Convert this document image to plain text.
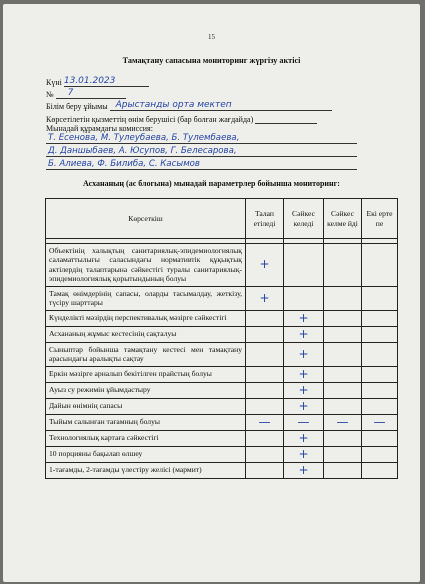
15
Тамақтану сапасына мониторинг жүргізу актісі
Күні 13.01.2023
№ 7
Білім беру ұйымы Арыстанды орта мектеп
Көрсетілетін қызметтің өнім берушісі (бар болған жағдайда)
Мынадай құрамдағы комиссия:
Т. Есенова, М. Тулеубаева, Б. Тулембаева,
Д. Даншыбаев, А. Юсупов, Г. Белесарова,
Б. Алиева, Ф. Билиба, С. Касымов
Асхананың (ас блогына) мынадай параметрлер бойынша мониторинг:
Көрсеткіш	Талап етіледі	Сәйкес келеді	Сәйкес келме йді	Екі ерте пе

Объектінің халықтың санитариялық-эпидемиологиялық саламаттылығы саласындағы нормативтік құқықтық актілердің талаптарына сәйкестігі туралы санитариялық-эпидемиологиялық қорытындының болуы	+			
Тамақ өнімдерінің сапасы, оларды тасымалдау, жеткізу, түсіру шарттары	+			
Күнделікті мәзірдің перспективалық мәзірге сәйкестігі		+		
Асхананың жұмыс кестесінің сақталуы		+		
Сыныптар бойынша тамақтану кестесі мен тамақтану арасындағы аралықты сақтау		+		
Еркін мәзірге арналып бекітілген прайстың болуы		+		
Ауыз су режимін ұйымдастыру		+		
Дайын өнімнің сапасы		+		
Тыйым салынған тағамның болуы	—	—	—	—
Технологиялық картаға сәйкестігі		+		
10 порцияны бақылап өлшеу		+		
1-тағамды, 2-тағамды үлестіру желісі (мармит)		+		
